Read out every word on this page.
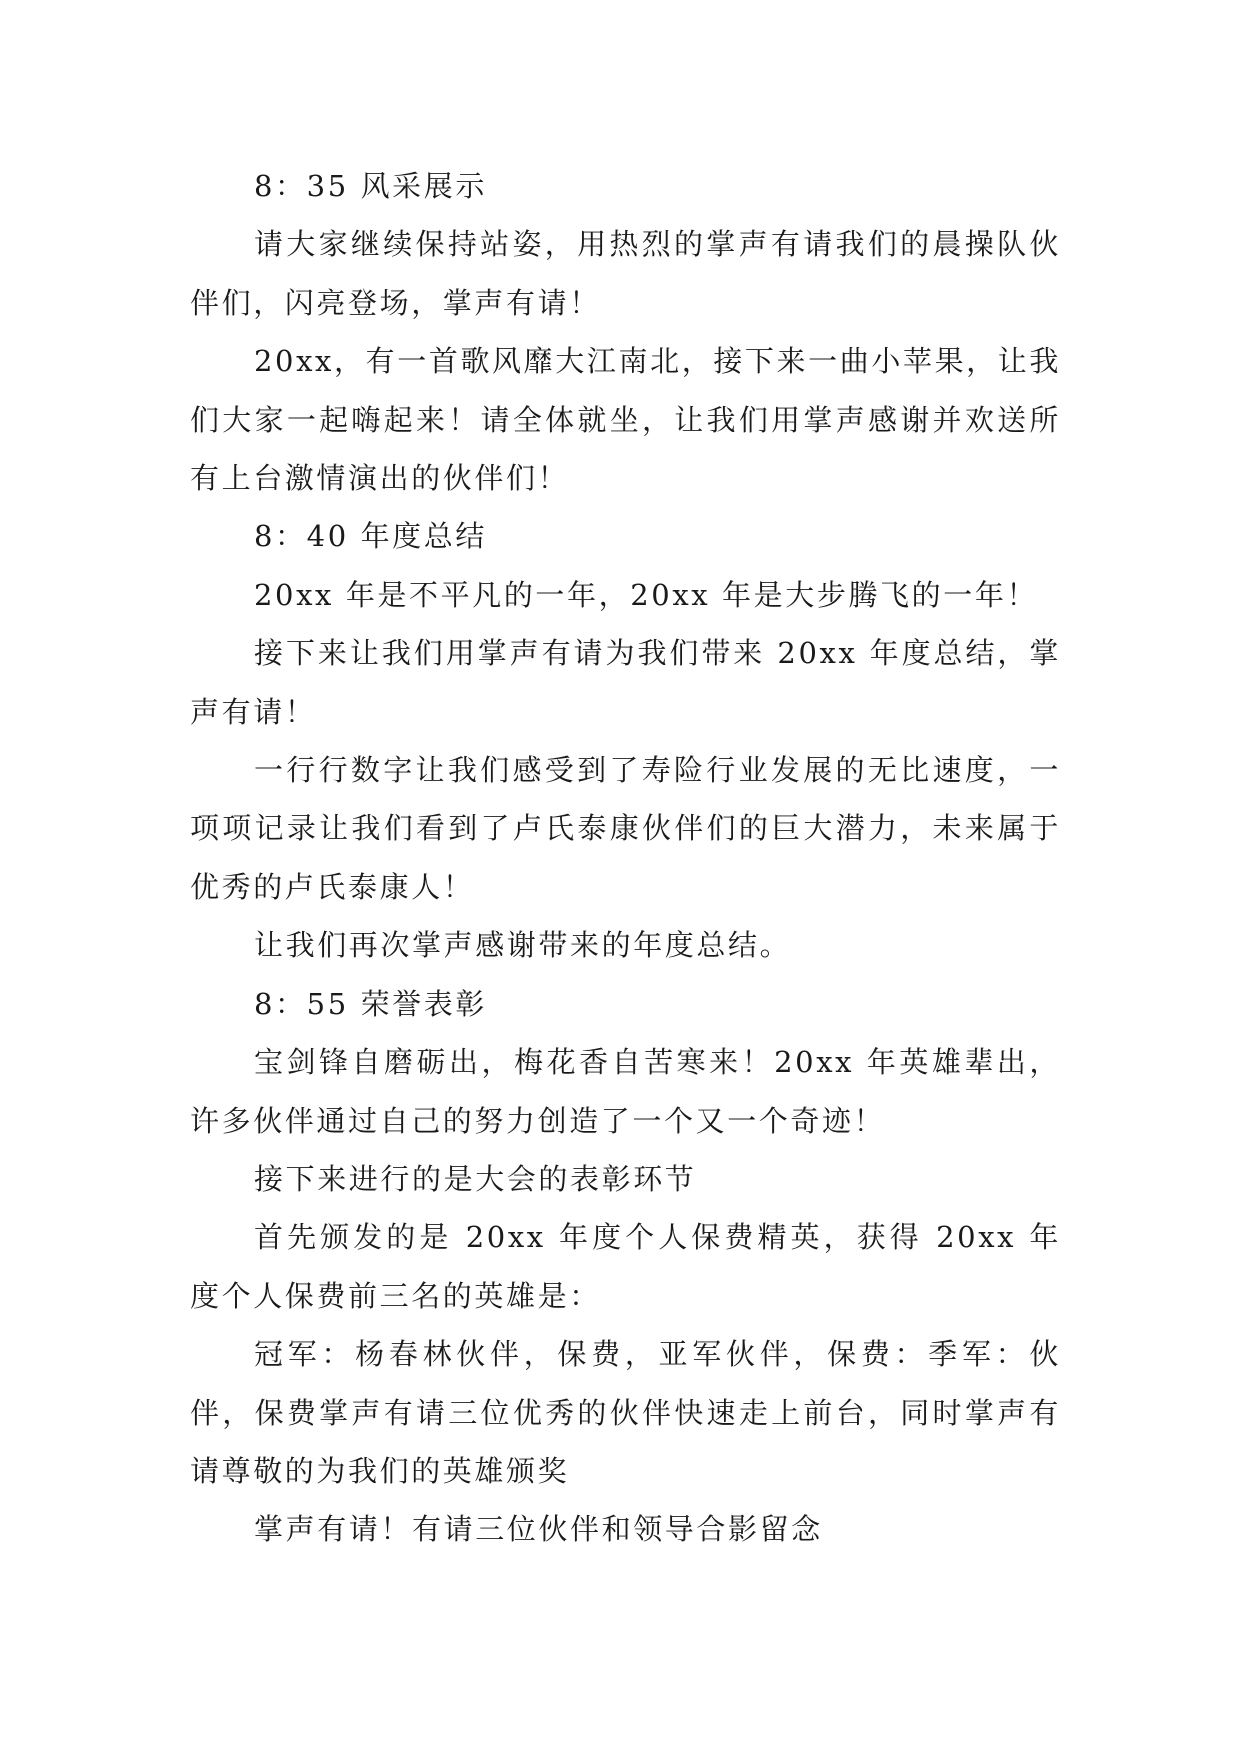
8：35 风采展示

请大家继续保持站姿，用热烈的掌声有请我们的晨操队伙伴们，闪亮登场，掌声有请！

20xx，有一首歌风靡大江南北，接下来一曲小苹果，让我们大家一起嗨起来！请全体就坐，让我们用掌声感谢并欢送所有上台激情演出的伙伴们！

8：40 年度总结

20xx 年是不平凡的一年，20xx 年是大步腾飞的一年！

接下来让我们用掌声有请为我们带来 20xx 年度总结，掌声有请！

一行行数字让我们感受到了寿险行业发展的无比速度，一项项记录让我们看到了卢氏泰康伙伴们的巨大潜力，未来属于优秀的卢氏泰康人！

让我们再次掌声感谢带来的年度总结。

8：55 荣誉表彰

宝剑锋自磨砺出，梅花香自苦寒来！20xx 年英雄辈出，许多伙伴通过自己的努力创造了一个又一个奇迹！

接下来进行的是大会的表彰环节

首先颁发的是 20xx 年度个人保费精英，获得 20xx 年度个人保费前三名的英雄是：

冠军：杨春林伙伴，保费，亚军伙伴，保费：季军：伙伴，保费掌声有请三位优秀的伙伴快速走上前台，同时掌声有请尊敬的为我们的英雄颁奖

掌声有请！有请三位伙伴和领导合影留念
